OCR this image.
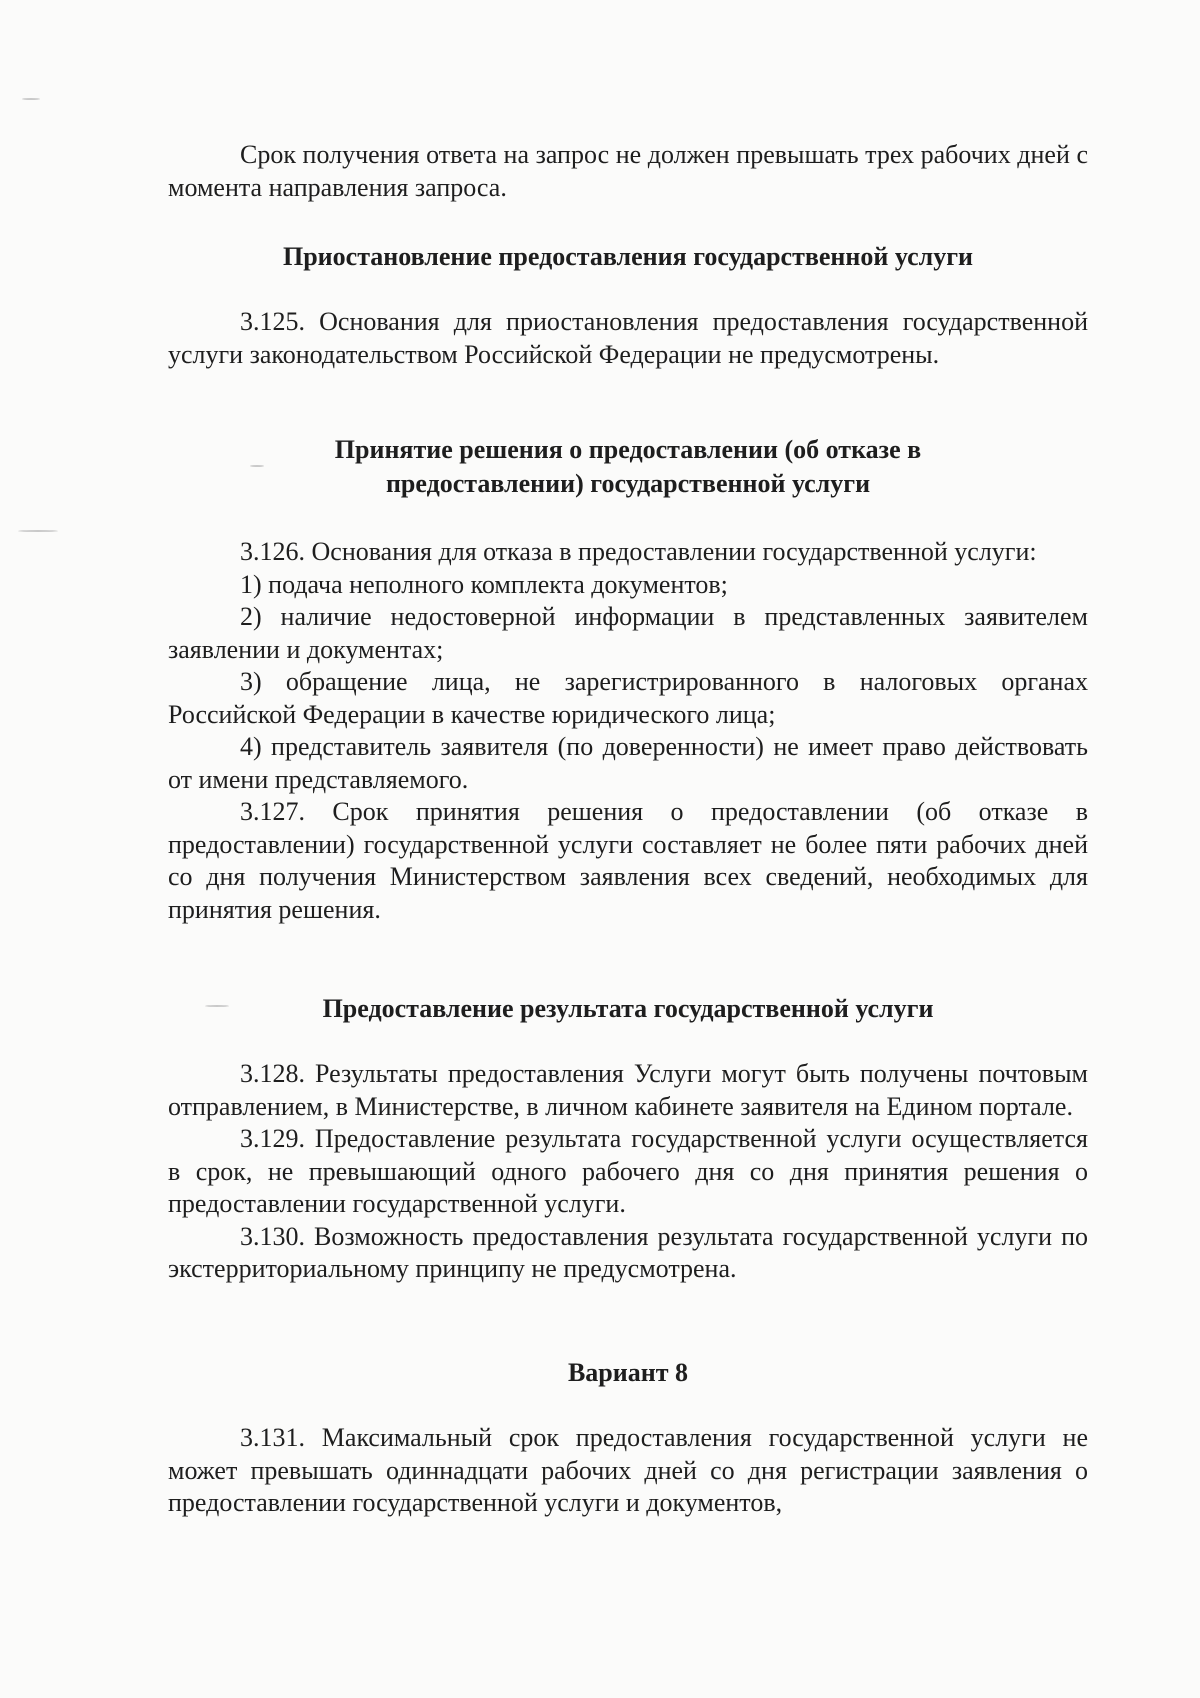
Срок получения ответа на запрос не должен превышать трех рабочих дней с момента направления запроса.

Приостановление предоставления государственной услуги

3.125. Основания для приостановления предоставления государственной услуги законодательством Российской Федерации не предусмотрены.

Принятие решения о предоставлении (об отказе в
предоставлении) государственной услуги

3.126. Основания для отказа в предоставлении государственной услуги:

1) подача неполного комплекта документов;

2) наличие недостоверной информации в представленных заявителем заявлении и документах;

3) обращение лица, не зарегистрированного в налоговых органах Российской Федерации в качестве юридического лица;

4) представитель заявителя (по доверенности) не имеет право действовать от имени представляемого.

3.127. Срок принятия решения о предоставлении (об отказе в предоставлении) государственной услуги составляет не более пяти рабочих дней со дня получения Министерством заявления всех сведений, необходимых для принятия решения.

Предоставление результата государственной услуги

3.128. Результаты предоставления Услуги могут быть получены почтовым отправлением, в Министерстве, в личном кабинете заявителя на Едином портале.

3.129. Предоставление результата государственной услуги осуществляется в срок, не превышающий одного рабочего дня со дня принятия решения о предоставлении государственной услуги.

3.130. Возможность предоставления результата государственной услуги по экстерриториальному принципу не предусмотрена.

Вариант 8

3.131. Максимальный срок предоставления государственной услуги не может превышать одиннадцати рабочих дней со дня регистрации заявления о предоставлении государственной услуги и документов,
